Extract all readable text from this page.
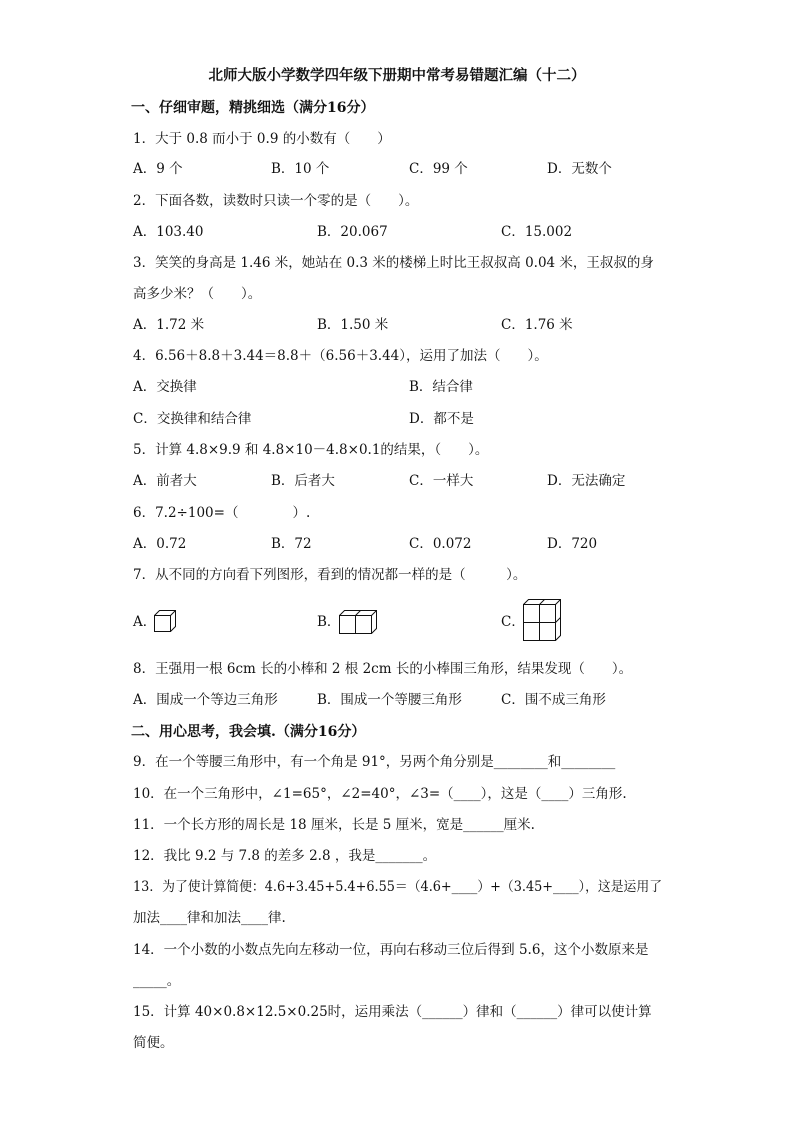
北师大版小学数学四年级下册期中常考易错题汇编（十二）
一、仔细审题，精挑细选（满分16分）
1．大于 0.8 而小于 0.9 的小数有（　　）
A．9 个	B．10 个	C．99 个	D．无数个
2．下面各数，读数时只读一个零的是（　　）。
A．103.40	B．20.067	C．15.002
3．笑笑的身高是 1.46 米，她站在 0.3 米的楼梯上时比王叔叔高 0.04 米，王叔叔的身
高多少米？（　　）。
A．1.72 米	B．1.50 米	C．1.76 米
4．6.56＋8.8＋3.44＝8.8＋（6.56＋3.44），运用了加法（　　）。
A．交换律	B．结合律
C．交换律和结合律	D．都不是
5．计算 4.8×9.9 和 4.8×10－4.8×0.1的结果，（　　）。
A．前者大	B．后者大	C．一样大	D．无法确定
6．7.2÷100=（　　　　）.
A．0.72	B．72	C．0.072	D．720
7．从不同的方向看下列图形，看到的情况都一样的是（　　　）。
A．	B．	C．
8．王强用一根 6cm 长的小棒和 2 根 2cm 长的小棒围三角形，结果发现（　　）。
A．围成一个等边三角形	B．围成一个等腰三角形	C．围不成三角形
二、用心思考，我会填.（满分16分）
9．在一个等腰三角形中，有一个角是 91°，另两个角分别是________和________
10．在一个三角形中，∠1=65°，∠2=40°，∠3=（____），这是（____）三角形.
11．一个长方形的周长是 18 厘米，长是 5 厘米，宽是______厘米.
12．我比 9.2 与 7.8 的差多 2.8 ，我是_______。
13．为了使计算简便：4.6+3.45+5.4+6.55＝（4.6+____）+（3.45+____），这是运用了
加法____律和加法____律.
14．一个小数的小数点先向左移动一位，再向右移动三位后得到 5.6，这个小数原来是
_____。
15．计算 40×0.8×12.5×0.25时，运用乘法（______）律和（______）律可以使计算
简便。
